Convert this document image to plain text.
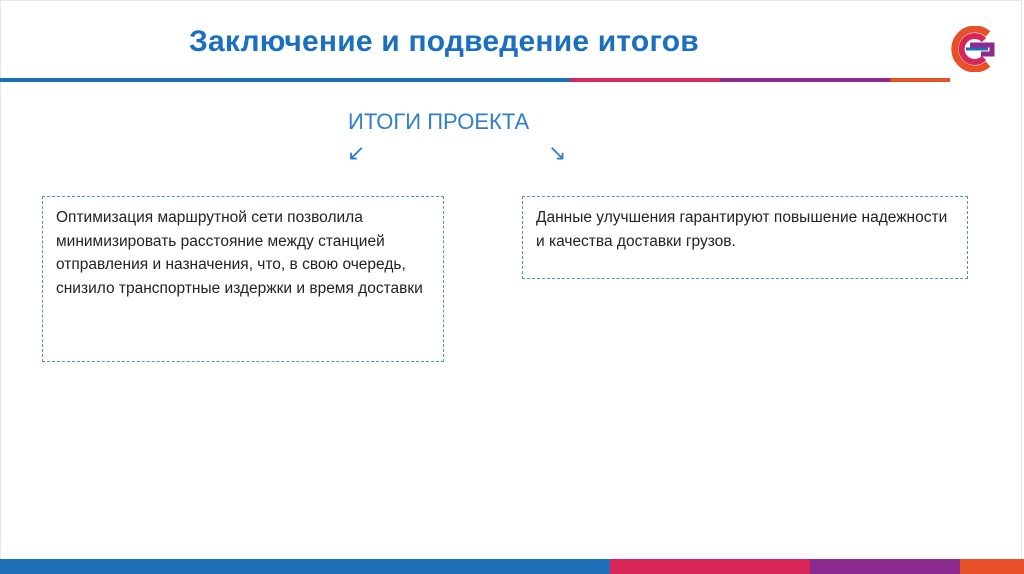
Заключение и подведение итогов
ИТОГИ ПРОЕКТА
↙	↘
Оптимизация маршрутной сети позволила минимизировать расстояние между станцией отправления и назначения, что, в свою очередь, снизило транспортные издержки и время доставки
Данные улучшения гарантируют повышение надежности и качества доставки грузов.
